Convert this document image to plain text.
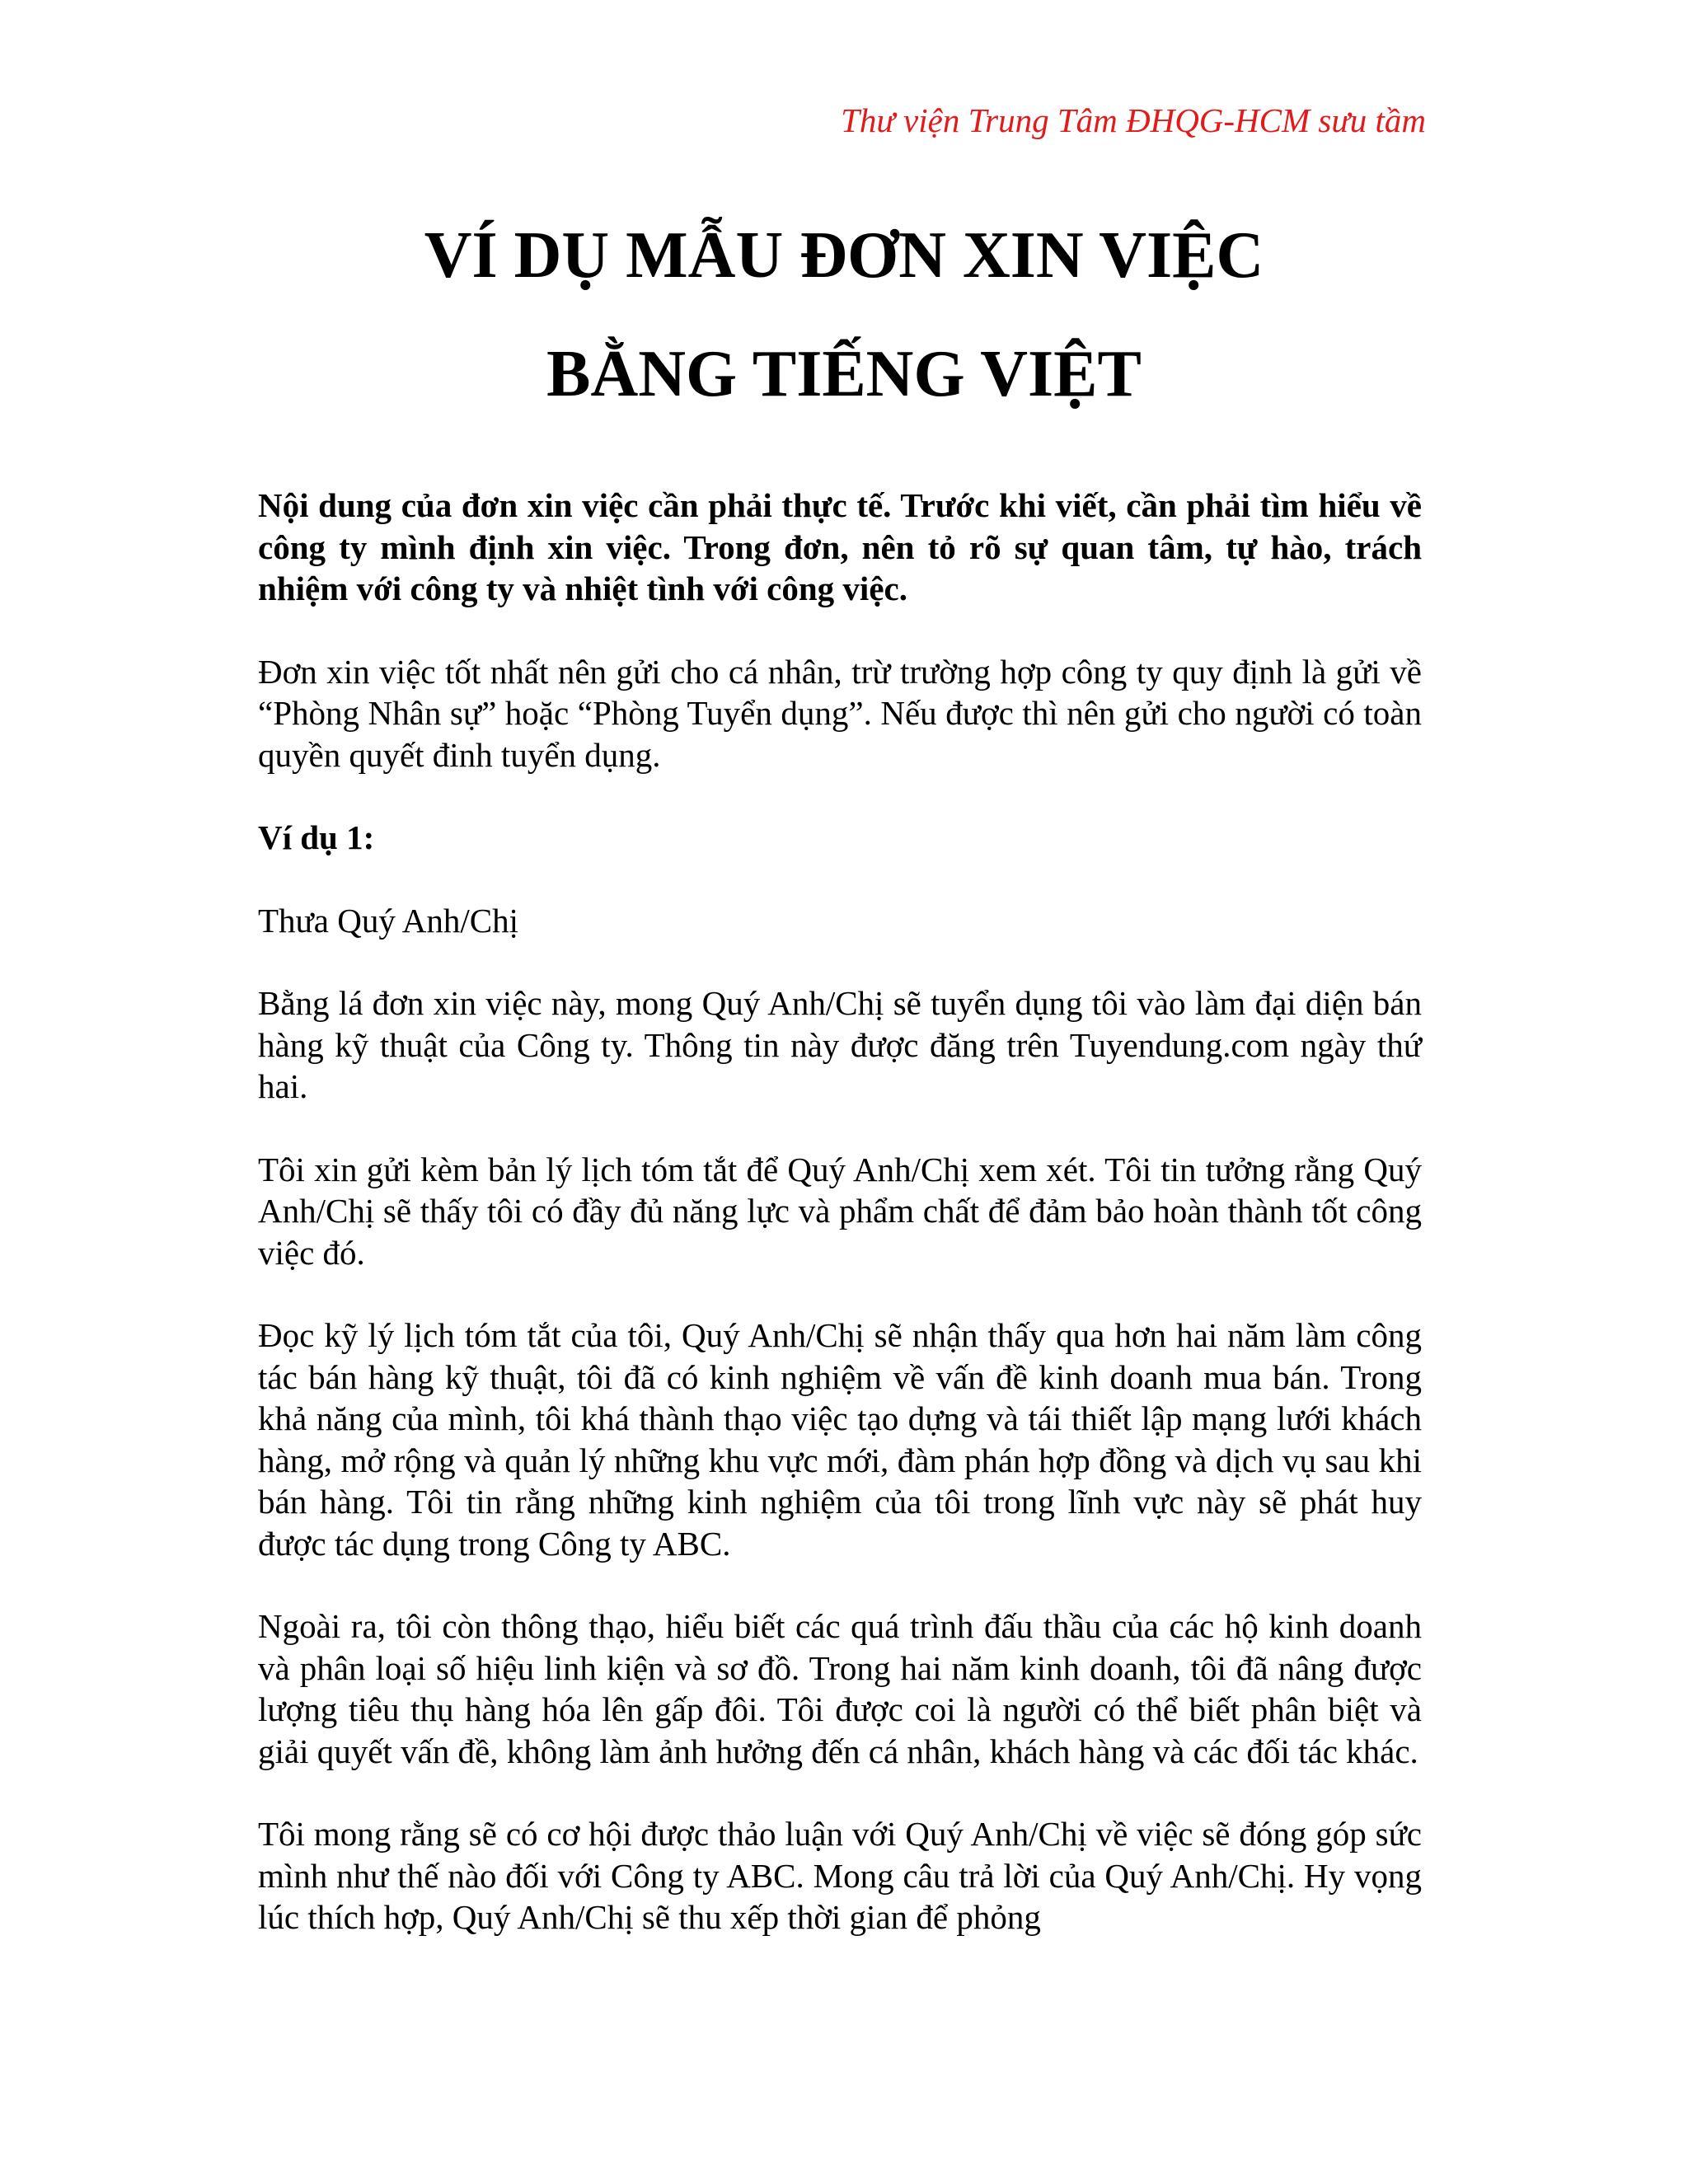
Thư viện Trung Tâm ĐHQG-HCM sưu tầm

VÍ DỤ MẪU ĐƠN XIN VIỆC
BẰNG TIẾNG VIỆT

Nội dung của đơn xin việc cần phải thực tế. Trước khi viết, cần phải tìm hiểu về công ty mình định xin việc. Trong đơn, nên tỏ rõ sự quan tâm, tự hào, trách nhiệm với công ty và nhiệt tình với công việc.

Đơn xin việc tốt nhất nên gửi cho cá nhân, trừ trường hợp công ty quy định là gửi về “Phòng Nhân sự” hoặc “Phòng Tuyển dụng”. Nếu được thì nên gửi cho người có toàn quyền quyết đinh tuyển dụng.

Ví dụ 1:

Thưa Quý Anh/Chị

Bằng lá đơn xin việc này, mong Quý Anh/Chị sẽ tuyển dụng tôi vào làm đại diện bán hàng kỹ thuật của Công ty. Thông tin này được đăng trên Tuyendung.com ngày thứ hai.

Tôi xin gửi kèm bản lý lịch tóm tắt để Quý Anh/Chị xem xét. Tôi tin tưởng rằng Quý Anh/Chị sẽ thấy tôi có đầy đủ năng lực và phẩm chất để đảm bảo hoàn thành tốt công việc đó.

Đọc kỹ lý lịch tóm tắt của tôi, Quý Anh/Chị sẽ nhận thấy qua hơn hai năm làm công tác bán hàng kỹ thuật, tôi đã có kinh nghiệm về vấn đề kinh doanh mua bán. Trong khả năng của mình, tôi khá thành thạo việc tạo dựng và tái thiết lập mạng lưới khách hàng, mở rộng và quản lý những khu vực mới, đàm phán hợp đồng và dịch vụ sau khi bán hàng. Tôi tin rằng những kinh nghiệm của tôi trong lĩnh vực này sẽ phát huy được tác dụng trong Công ty ABC.

Ngoài ra, tôi còn thông thạo, hiểu biết các quá trình đấu thầu của các hộ kinh doanh và phân loại số hiệu linh kiện và sơ đồ. Trong hai năm kinh doanh, tôi đã nâng được lượng tiêu thụ hàng hóa lên gấp đôi. Tôi được coi là người có thể biết phân biệt và giải quyết vấn đề, không làm ảnh hưởng đến cá nhân, khách hàng và các đối tác khác.

Tôi mong rằng sẽ có cơ hội được thảo luận với Quý Anh/Chị về việc sẽ đóng góp sức mình như thế nào đối với Công ty ABC. Mong câu trả lời của Quý Anh/Chị. Hy vọng lúc thích hợp, Quý Anh/Chị sẽ thu xếp thời gian để phỏng
